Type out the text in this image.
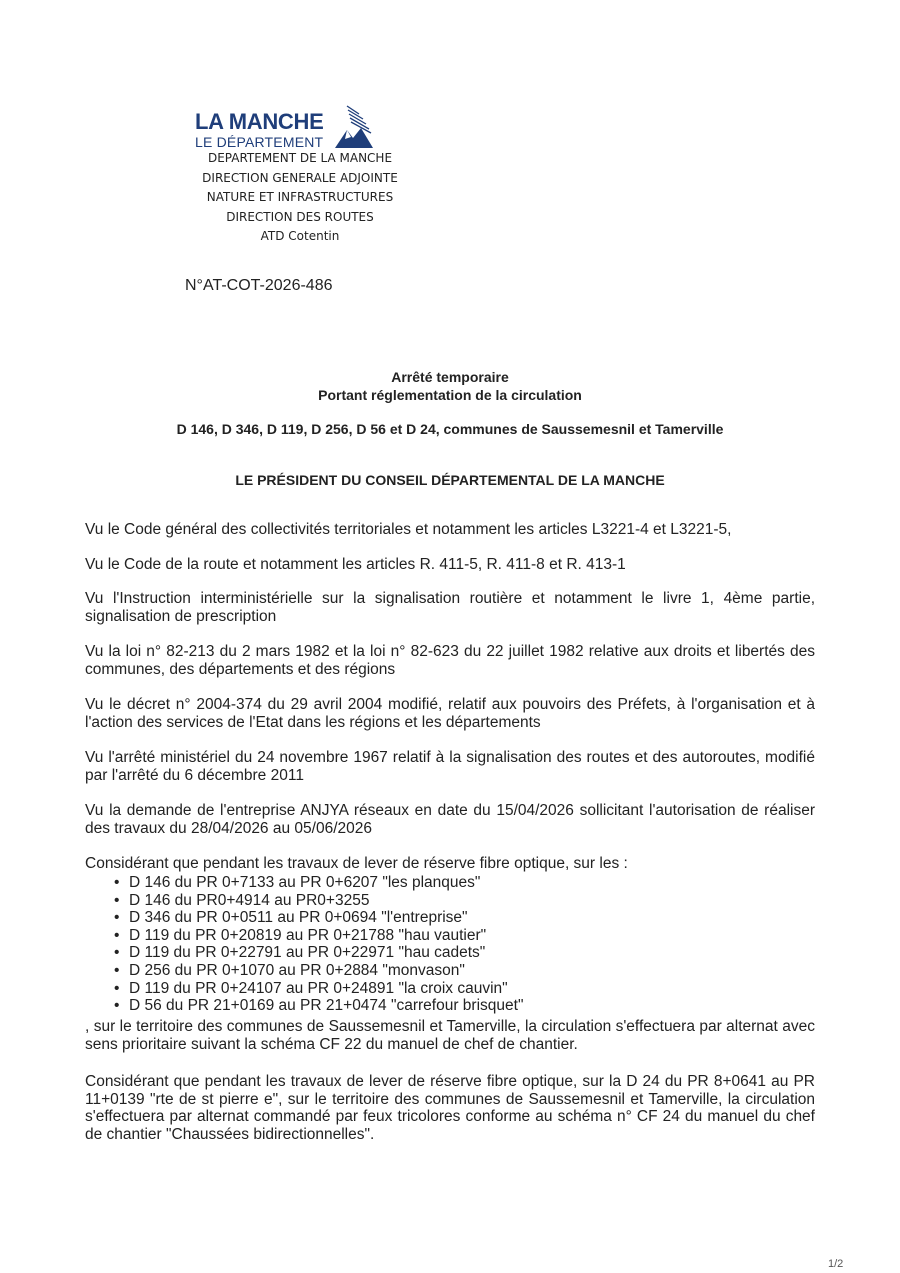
LA MANCHE
LE DÉPARTEMENT
DEPARTEMENT DE LA MANCHE
DIRECTION GENERALE ADJOINTE
NATURE ET INFRASTRUCTURES
DIRECTION DES ROUTES
ATD Cotentin
N°AT-COT-2026-486
Arrêté temporaire
Portant réglementation de la circulation
D 146, D 346, D 119, D 256, D 56 et D 24, communes de Saussemesnil et Tamerville
LE PRÉSIDENT DU CONSEIL DÉPARTEMENTAL DE LA MANCHE

Vu le Code général des collectivités territoriales et notamment les articles L3221-4 et L3221-5,

Vu le Code de la route et notamment les articles R. 411-5, R. 411-8 et R. 413-1

Vu l'Instruction interministérielle sur la signalisation routière et notamment le livre 1, 4ème partie, signalisation de prescription

Vu la loi n° 82-213 du 2 mars 1982 et la loi n° 82-623 du 22 juillet 1982 relative aux droits et libertés des communes, des départements et des régions

Vu le décret n° 2004-374 du 29 avril 2004 modifié, relatif aux pouvoirs des Préfets, à l'organisation et à l'action des services de l'Etat dans les régions et les départements

Vu l'arrêté ministériel du 24 novembre 1967 relatif à la signalisation des routes et des autoroutes, modifié par l'arrêté du 6 décembre 2011

Vu la demande de l'entreprise ANJYA réseaux en date du 15/04/2026 sollicitant l'autorisation de réaliser des travaux du 28/04/2026 au 05/06/2026

Considérant que pendant les travaux de lever de réserve fibre optique, sur les :

• D 146 du PR 0+7133 au PR 0+6207 "les planques"
• D 146 du PR0+4914 au PR0+3255
• D 346 du PR 0+0511 au PR 0+0694 "l'entreprise"
• D 119 du PR 0+20819 au PR 0+21788 "hau vautier"
• D 119 du PR 0+22791 au PR 0+22971 "hau cadets"
• D 256 du PR 0+1070 au PR 0+2884 "monvason"
• D 119 du PR 0+24107 au PR 0+24891 "la croix cauvin"
• D 56 du PR 21+0169 au PR 21+0474 "carrefour brisquet"

, sur le territoire des communes de Saussemesnil et Tamerville, la circulation s'effectuera par alternat avec sens prioritaire suivant la schéma CF 22 du manuel de chef de chantier.

Considérant que pendant les travaux de lever de réserve fibre optique, sur la D 24 du PR 8+0641 au PR 11+0139 "rte de st pierre e", sur le territoire des communes de Saussemesnil et Tamerville, la circulation s'effectuera par alternat commandé par feux tricolores conforme au schéma n° CF 24 du manuel du chef de chantier "Chaussées bidirectionnelles".

1/2
